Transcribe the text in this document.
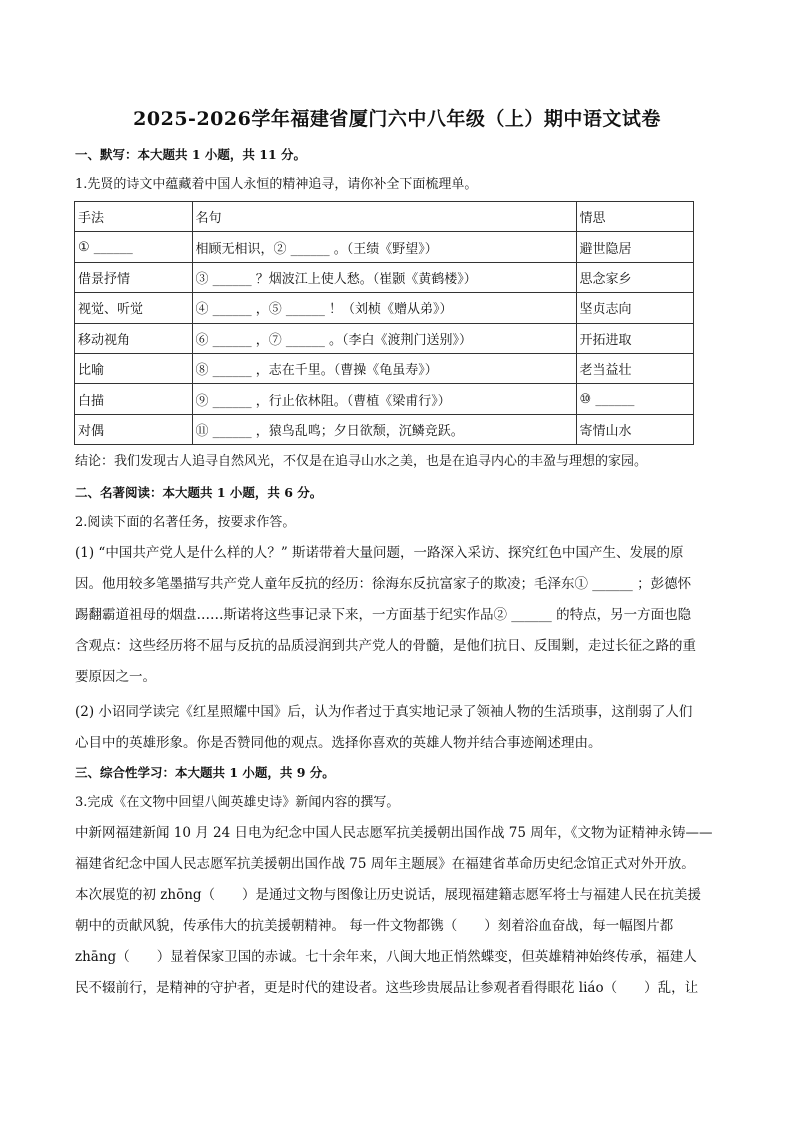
2025-2026学年福建省厦门六中八年级（上）期中语文试卷
一、默写：本大题共 1 小题，共 11 分。
1.先贤的诗文中蕴藏着中国人永恒的精神追寻，请你补全下面梳理单。
手法	名句	情思
① ______	相顾无相识，② ______ 。（王绩《野望》）	避世隐居
借景抒情	③ ______ ？烟波江上使人愁。（崔颢《黄鹤楼》）	思念家乡
视觉、听觉	④ ______ ，⑤ ______ ！（刘桢《赠从弟》）	坚贞志向
移动视角	⑥ ______ ，⑦ ______ 。（李白《渡荆门送别》）	开拓进取
比喻	⑧ ______ ，志在千里。（曹操《龟虽寿》）	老当益壮
白描	⑨ ______ ，行止依林阻。（曹植《梁甫行》）	⑩ ______
对偶	⑪ ______ ，猿鸟乱鸣；夕日欲颓，沉鳞竞跃。	寄情山水
结论：我们发现古人追寻自然风光，不仅是在追寻山水之美，也是在追寻内心的丰盈与理想的家园。
二、名著阅读：本大题共 1 小题，共 6 分。
2.阅读下面的名著任务，按要求作答。
(1) “中国共产党人是什么样的人？” 斯诺带着大量问题，一路深入采访、探究红色中国产生、发展的原
因。他用较多笔墨描写共产党人童年反抗的经历：徐海东反抗富家子的欺凌；毛泽东① ______ ；彭德怀
踢翻霸道祖母的烟盘……斯诺将这些事记录下来，一方面基于纪实作品② ______ 的特点，另一方面也隐
含观点：这些经历将不屈与反抗的品质浸润到共产党人的骨髓，是他们抗日、反围剿，走过长征之路的重
要原因之一。
(2) 小诏同学读完《红星照耀中国》后，认为作者过于真实地记录了领袖人物的生活琐事，这削弱了人们
心目中的英雄形象。你是否赞同他的观点。选择你喜欢的英雄人物并结合事迹阐述理由。
三、综合性学习：本大题共 1 小题，共 9 分。
3.完成《在文物中回望八闽英雄史诗》新闻内容的撰写。
中新网福建新闻 10 月 24 日电为纪念中国人民志愿军抗美援朝出国作战 75 周年，《文物为证精神永铸——
福建省纪念中国人民志愿军抗美援朝出国作战 75 周年主题展》在福建省革命历史纪念馆正式对外开放。
本次展览的初 zhōng（　　）是通过文物与图像让历史说话，展现福建籍志愿军将士与福建人民在抗美援
朝中的贡献风貌，传承伟大的抗美援朝精神。 每一件文物都镌（　　）刻着浴血奋战，每一幅图片都
zhāng（　　）显着保家卫国的赤诚。七十余年来，八闽大地正悄然蝶变，但英雄精神始终传承，福建人
民不辍前行，是精神的守护者，更是时代的建设者。这些珍贵展品让参观者看得眼花 liáo（　　）乱，让
